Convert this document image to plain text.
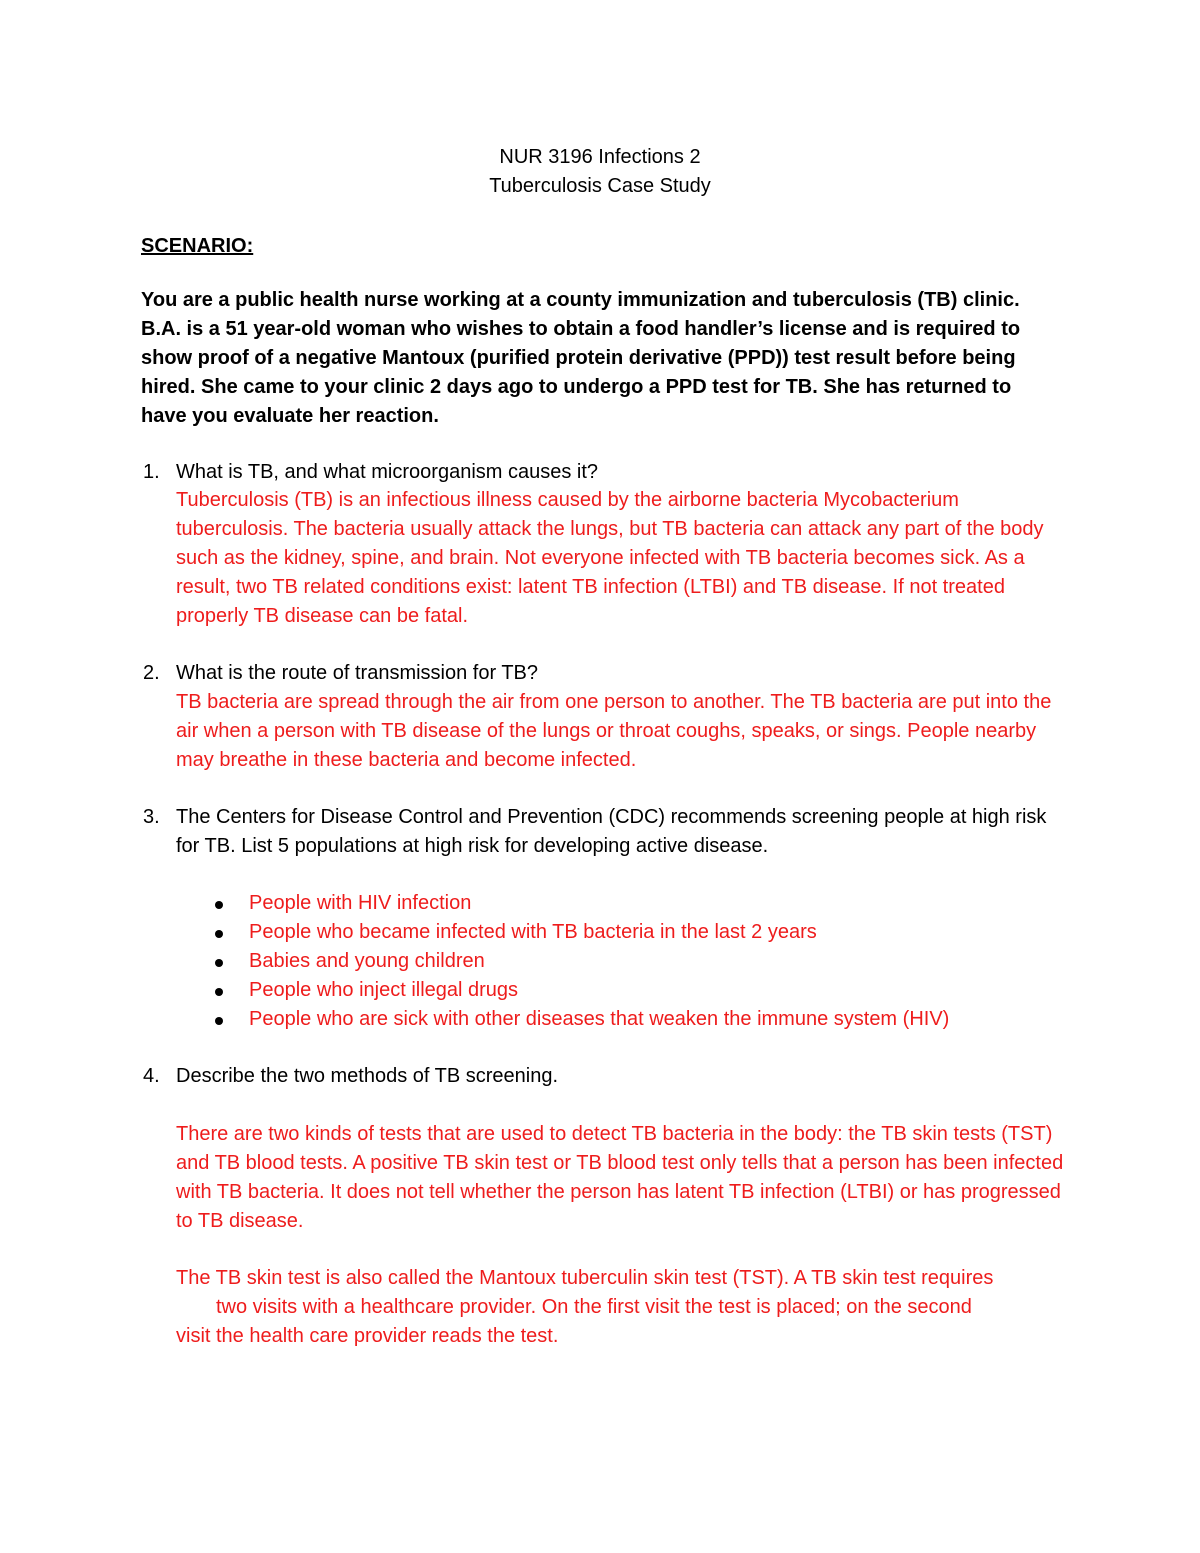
NUR 3196 Infections 2
Tuberculosis Case Study
SCENARIO:
You are a public health nurse working at a county immunization and tuberculosis (TB) clinic. B.A. is a 51 year-old woman who wishes to obtain a food handler’s license and is required to show proof of a negative Mantoux (purified protein derivative (PPD)) test result before being hired. She came to your clinic 2 days ago to undergo a PPD test for TB. She has returned to have you evaluate her reaction.
1. What is TB, and what microorganism causes it?
Tuberculosis (TB) is an infectious illness caused by the airborne bacteria Mycobacterium tuberculosis. The bacteria usually attack the lungs, but TB bacteria can attack any part of the body such as the kidney, spine, and brain. Not everyone infected with TB bacteria becomes sick. As a result, two TB related conditions exist: latent TB infection (LTBI) and TB disease. If not treated properly TB disease can be fatal.
2. What is the route of transmission for TB?
TB bacteria are spread through the air from one person to another. The TB bacteria are put into the air when a person with TB disease of the lungs or throat coughs, speaks, or sings. People nearby may breathe in these bacteria and become infected.
3. The Centers for Disease Control and Prevention (CDC) recommends screening people at high risk for TB. List 5 populations at high risk for developing active disease.
People with HIV infection
People who became infected with TB bacteria in the last 2 years
Babies and young children
People who inject illegal drugs
People who are sick with other diseases that weaken the immune system (HIV)
4. Describe the two methods of TB screening.
There are two kinds of tests that are used to detect TB bacteria in the body: the TB skin tests (TST) and TB blood tests. A positive TB skin test or TB blood test only tells that a person has been infected with TB bacteria. It does not tell whether the person has latent TB infection (LTBI) or has progressed to TB disease.
The TB skin test is also called the Mantoux tuberculin skin test (TST). A TB skin test requires
two visits with a healthcare provider. On the first visit the test is placed; on the second
visit the health care provider reads the test.
